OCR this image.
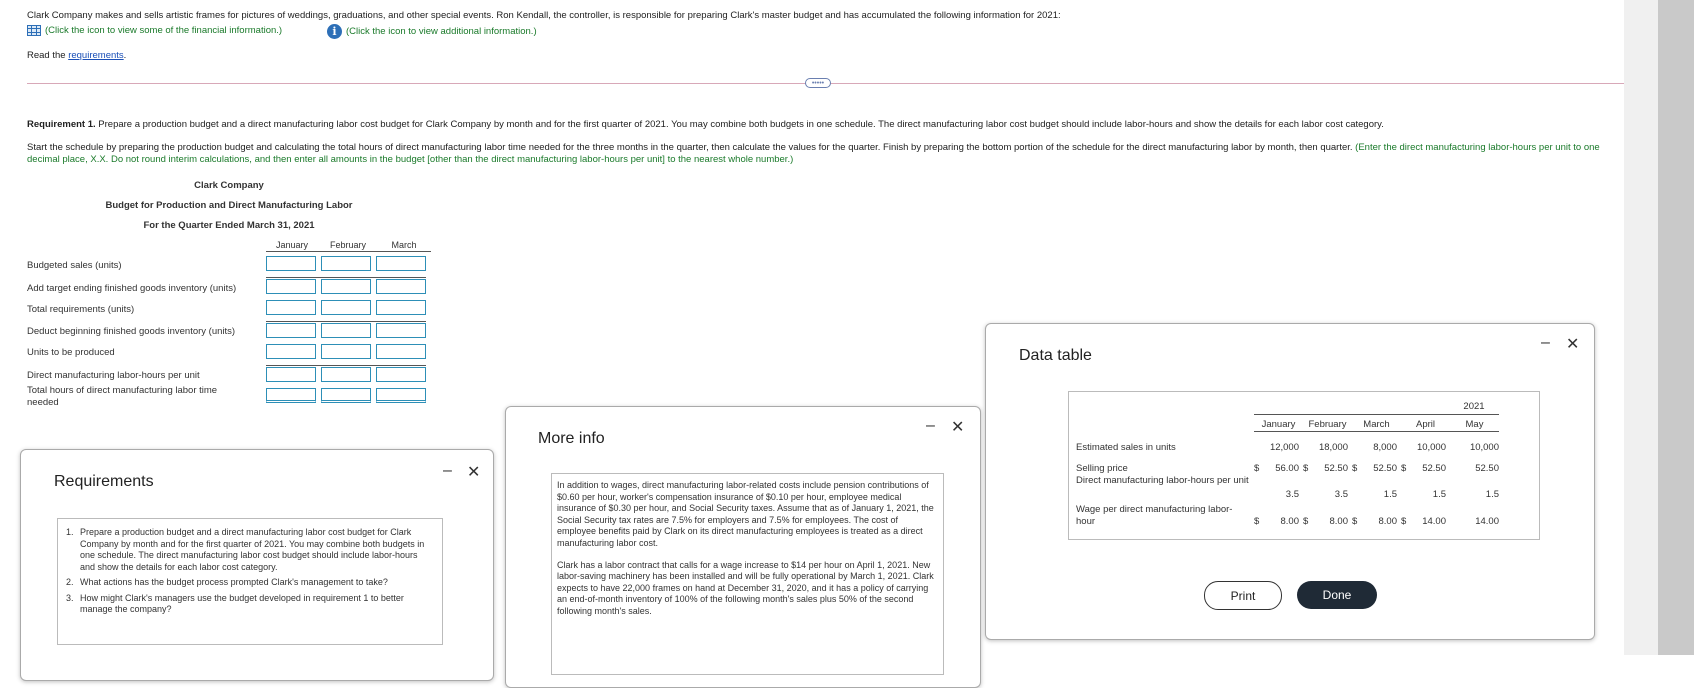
Clark Company makes and sells artistic frames for pictures of weddings, graduations, and other special events. Ron Kendall, the controller, is responsible for preparing Clark's master budget and has accumulated the following information for 2021:
(Click the icon to view some of the financial information.)	i (Click the icon to view additional information.)
Read the requirements.
•••••
Requirement 1. Prepare a production budget and a direct manufacturing labor cost budget for Clark Company by month and for the first quarter of 2021. You may combine both budgets in one schedule. The direct manufacturing labor cost budget should include labor-hours and show the details for each labor cost category.
Start the schedule by preparing the production budget and calculating the total hours of direct manufacturing labor time needed for the three months in the quarter, then calculate the values for the quarter. Finish by preparing the bottom portion of the schedule for the direct manufacturing labor by month, then quarter. (Enter the direct manufacturing labor-hours per unit to one decimal place, X.X. Do not round interim calculations, and then enter all amounts in the budget [other than the direct manufacturing labor-hours per unit] to the nearest whole number.)
Clark Company
Budget for Production and Direct Manufacturing Labor
For the Quarter Ended March 31, 2021
January	February	March
Budgeted sales (units)
Add target ending finished goods inventory (units)
Total requirements (units)
Deduct beginning finished goods inventory (units)
Units to be produced
Direct manufacturing labor-hours per unit
Total hours of direct manufacturing labor time needed
Requirements
– ✕
1. Prepare a production budget and a direct manufacturing labor cost budget for Clark Company by month and for the first quarter of 2021. You may combine both budgets in one schedule. The direct manufacturing labor cost budget should include labor-hours and show the details for each labor cost category.
2. What actions has the budget process prompted Clark's management to take?
3. How might Clark's managers use the budget developed in requirement 1 to better manage the company?
More info
– ✕
In addition to wages, direct manufacturing labor-related costs include pension contributions of $0.60 per hour, worker's compensation insurance of $0.10 per hour, employee medical insurance of $0.30 per hour, and Social Security taxes. Assume that as of January 1, 2021, the Social Security tax rates are 7.5% for employers and 7.5% for employees. The cost of employee benefits paid by Clark on its direct manufacturing employees is treated as a direct manufacturing labor cost.
Clark has a labor contract that calls for a wage increase to $14 per hour on April 1, 2021. New labor-saving machinery has been installed and will be fully operational by March 1, 2021. Clark expects to have 22,000 frames on hand at December 31, 2020, and it has a policy of carrying an end-of-month inventory of 100% of the following month's sales plus 50% of the second following month's sales.
Data table
– ✕
2021
January	February	March	April	May
Estimated sales in units	12,000	18,000	8,000	10,000	10,000
Selling price	$ 56.00 $ 52.50 $ 52.50 $ 52.50	52.50
Direct manufacturing labor-hours per unit
3.5	3.5	1.5	1.5	1.5
Wage per direct manufacturing labor-hour	$ 8.00 $ 8.00 $ 8.00 $ 14.00	14.00
Print	Done
